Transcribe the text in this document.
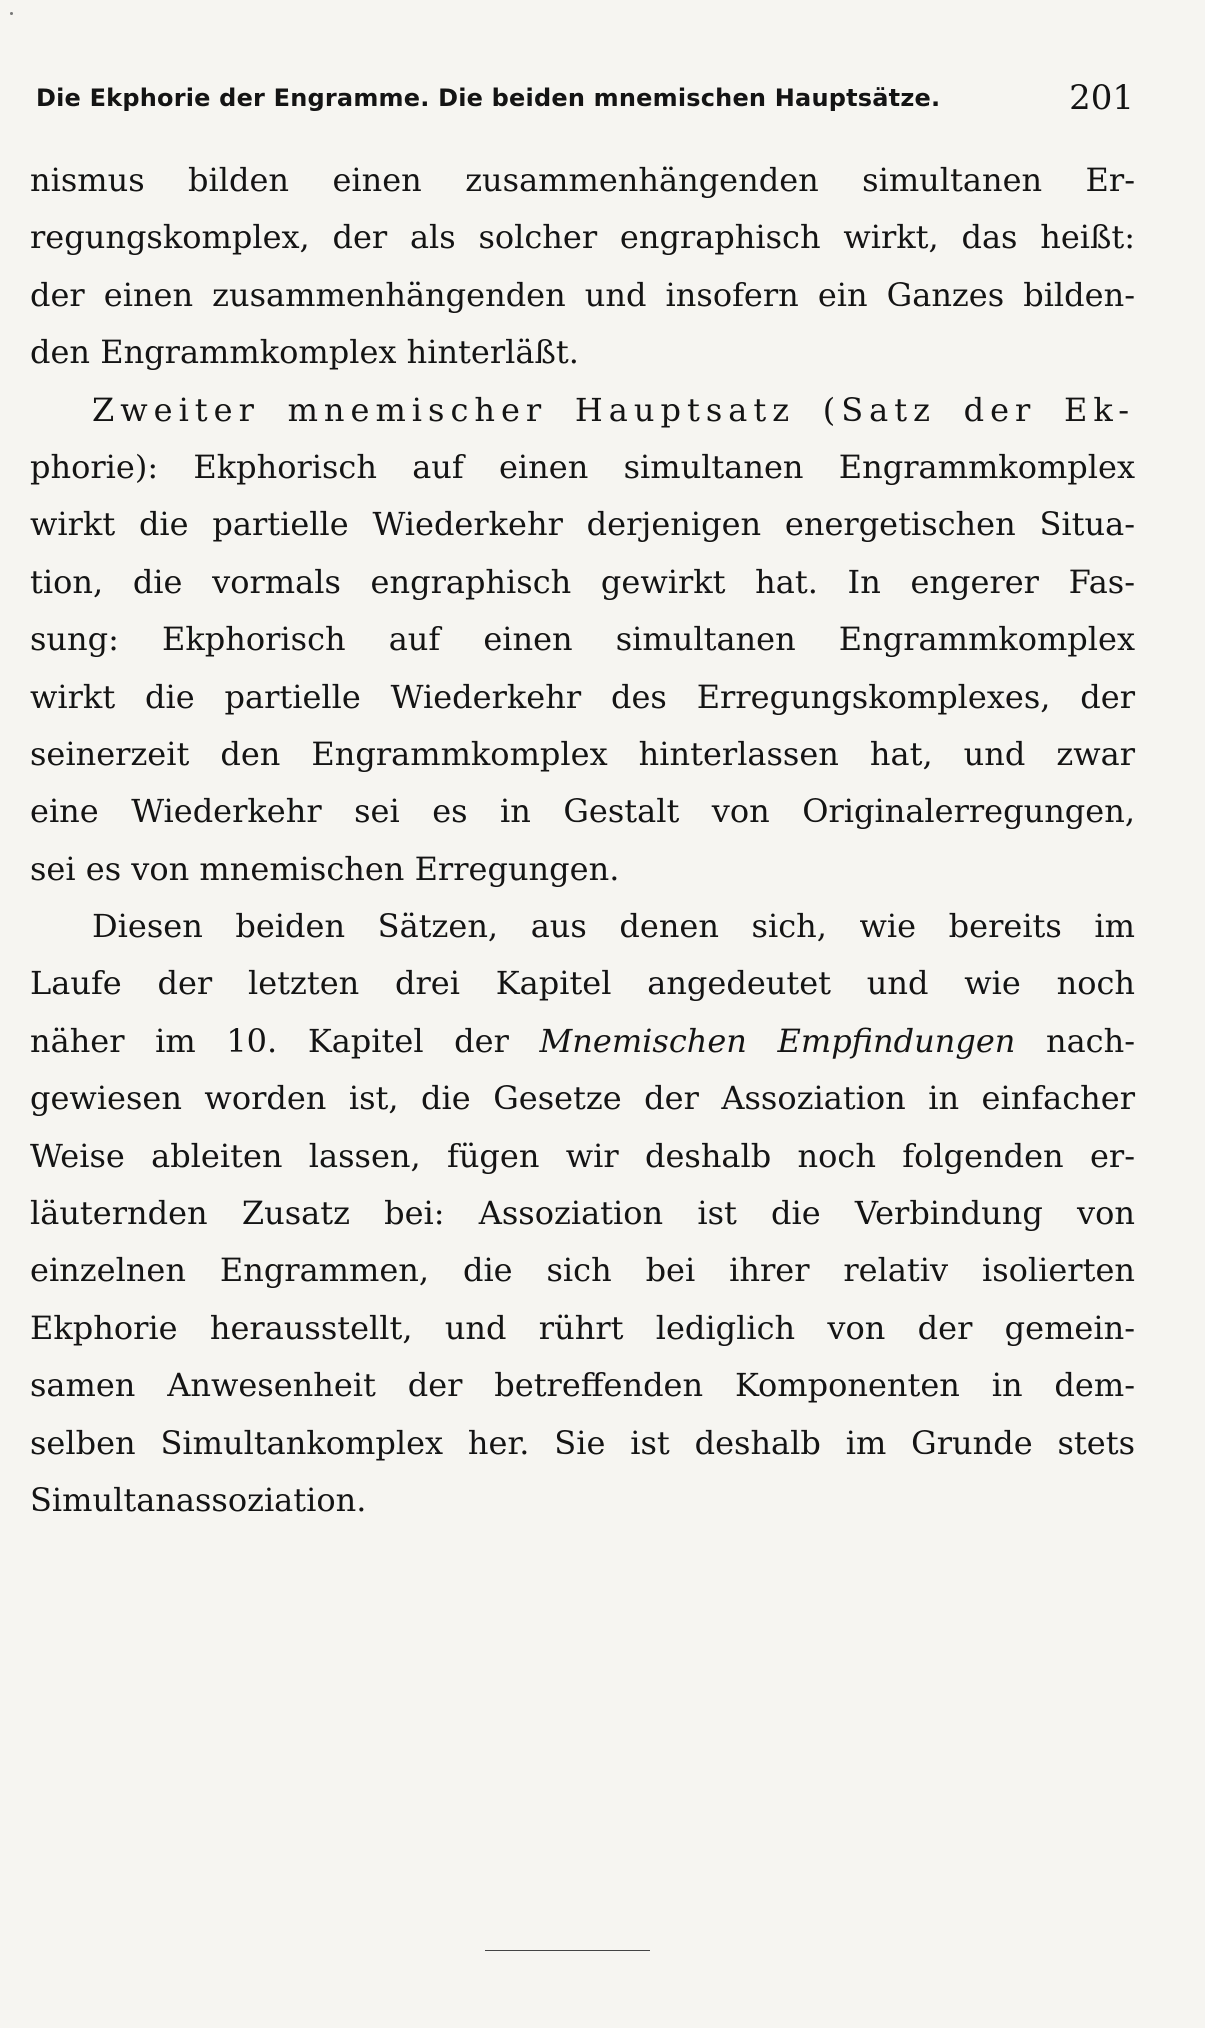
Die Ekphorie der Engramme. Die beiden mnemischen Hauptsätze.	201
nismus bilden einen zusammenhängenden simultanen Er-
regungskomplex, der als solcher engraphisch wirkt, das heißt:
der einen zusammenhängenden und insofern ein Ganzes bilden-
den Engrammkomplex hinterläßt.
Zweiter mnemischer Hauptsatz (Satz der Ek-
phorie): Ekphorisch auf einen simultanen Engrammkomplex
wirkt die partielle Wiederkehr derjenigen energetischen Situa-
tion, die vormals engraphisch gewirkt hat. In engerer Fas-
sung: Ekphorisch auf einen simultanen Engrammkomplex
wirkt die partielle Wiederkehr des Erregungskomplexes, der
seinerzeit den Engrammkomplex hinterlassen hat, und zwar
eine Wiederkehr sei es in Gestalt von Originalerregungen,
sei es von mnemischen Erregungen.
Diesen beiden Sätzen, aus denen sich, wie bereits im
Laufe der letzten drei Kapitel angedeutet und wie noch
näher im 10. Kapitel der Mnemischen Empfindungen nach-
gewiesen worden ist, die Gesetze der Assoziation in einfacher
Weise ableiten lassen, fügen wir deshalb noch folgenden er-
läuternden Zusatz bei: Assoziation ist die Verbindung von
einzelnen Engrammen, die sich bei ihrer relativ isolierten
Ekphorie herausstellt, und rührt lediglich von der gemein-
samen Anwesenheit der betreffenden Komponenten in dem-
selben Simultankomplex her. Sie ist deshalb im Grunde stets
Simultanassoziation.
